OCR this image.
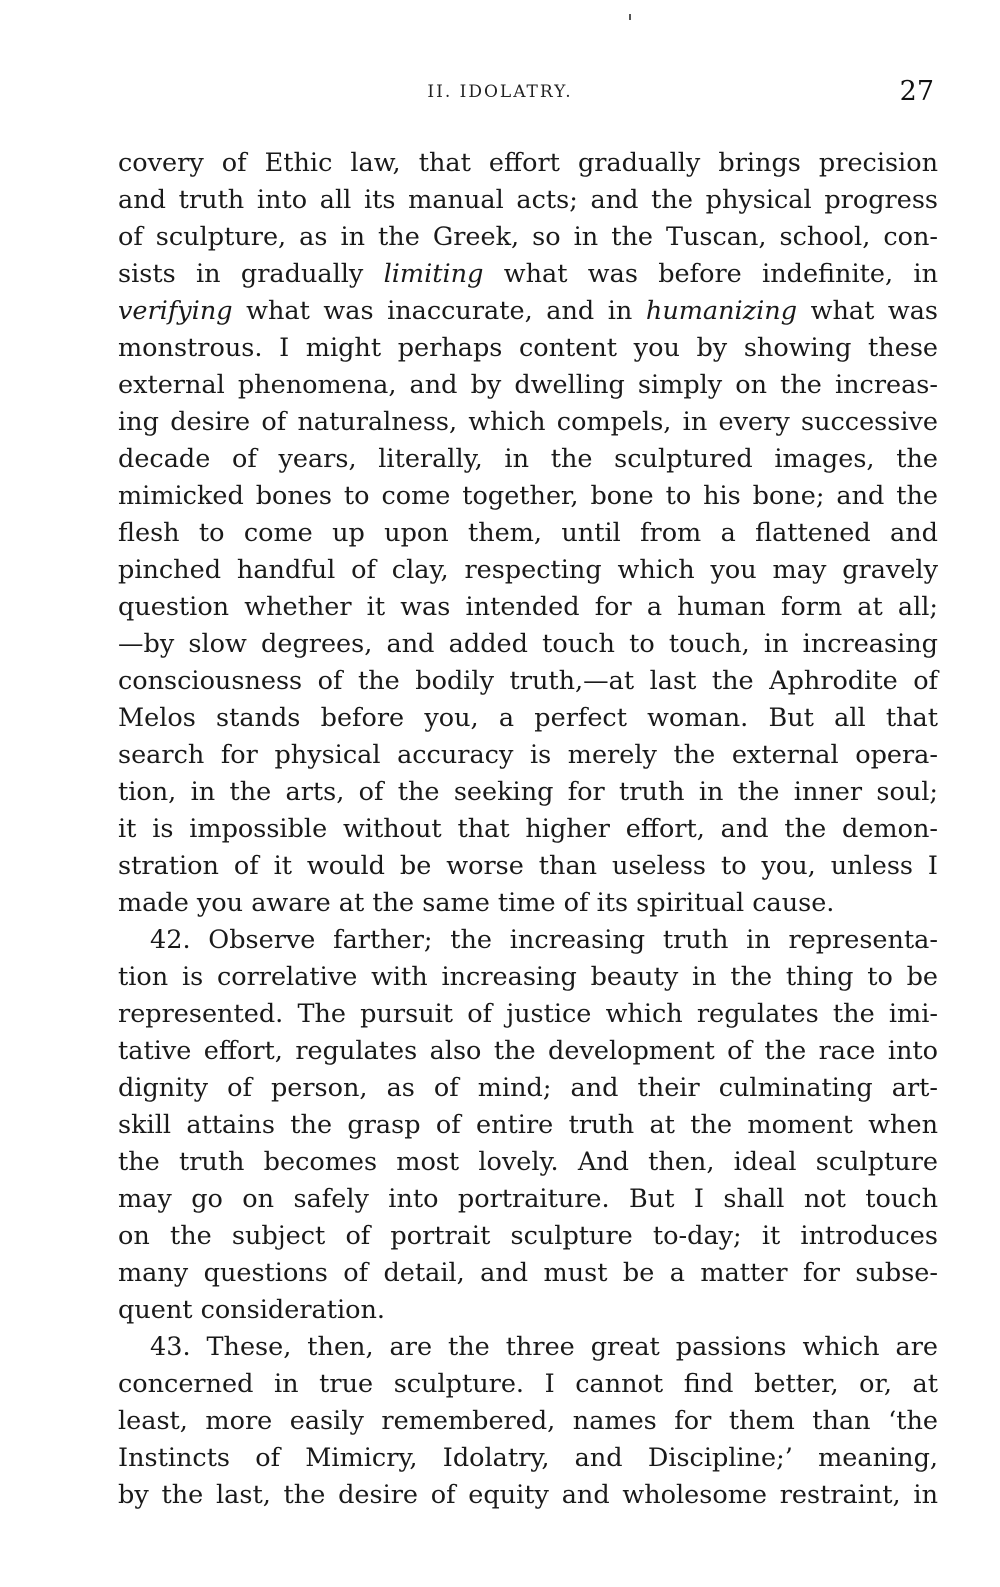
II. IDOLATRY.	27
covery of Ethic law, that effort gradually brings precision
and truth into all its manual acts; and the physical progress
of sculpture, as in the Greek, so in the Tuscan, school, con-
sists in gradually limiting what was before indefinite, in
verifying what was inaccurate, and in humanizing what was
monstrous. I might perhaps content you by showing these
external phenomena, and by dwelling simply on the increas-
ing desire of naturalness, which compels, in every successive
decade of years, literally, in the sculptured images, the
mimicked bones to come together, bone to his bone; and the
flesh to come up upon them, until from a flattened and
pinched handful of clay, respecting which you may gravely
question whether it was intended for a human form at all;
—by slow degrees, and added touch to touch, in increasing
consciousness of the bodily truth,—at last the Aphrodite of
Melos stands before you, a perfect woman. But all that
search for physical accuracy is merely the external opera-
tion, in the arts, of the seeking for truth in the inner soul;
it is impossible without that higher effort, and the demon-
stration of it would be worse than useless to you, unless I
made you aware at the same time of its spiritual cause.
42. Observe farther; the increasing truth in representa-
tion is correlative with increasing beauty in the thing to be
represented. The pursuit of justice which regulates the imi-
tative effort, regulates also the development of the race into
dignity of person, as of mind; and their culminating art-
skill attains the grasp of entire truth at the moment when
the truth becomes most lovely. And then, ideal sculpture
may go on safely into portraiture. But I shall not touch
on the subject of portrait sculpture to-day; it introduces
many questions of detail, and must be a matter for subse-
quent consideration.
43. These, then, are the three great passions which are
concerned in true sculpture. I cannot find better, or, at
least, more easily remembered, names for them than ‘the
Instincts of Mimicry, Idolatry, and Discipline;’ meaning,
by the last, the desire of equity and wholesome restraint, in
